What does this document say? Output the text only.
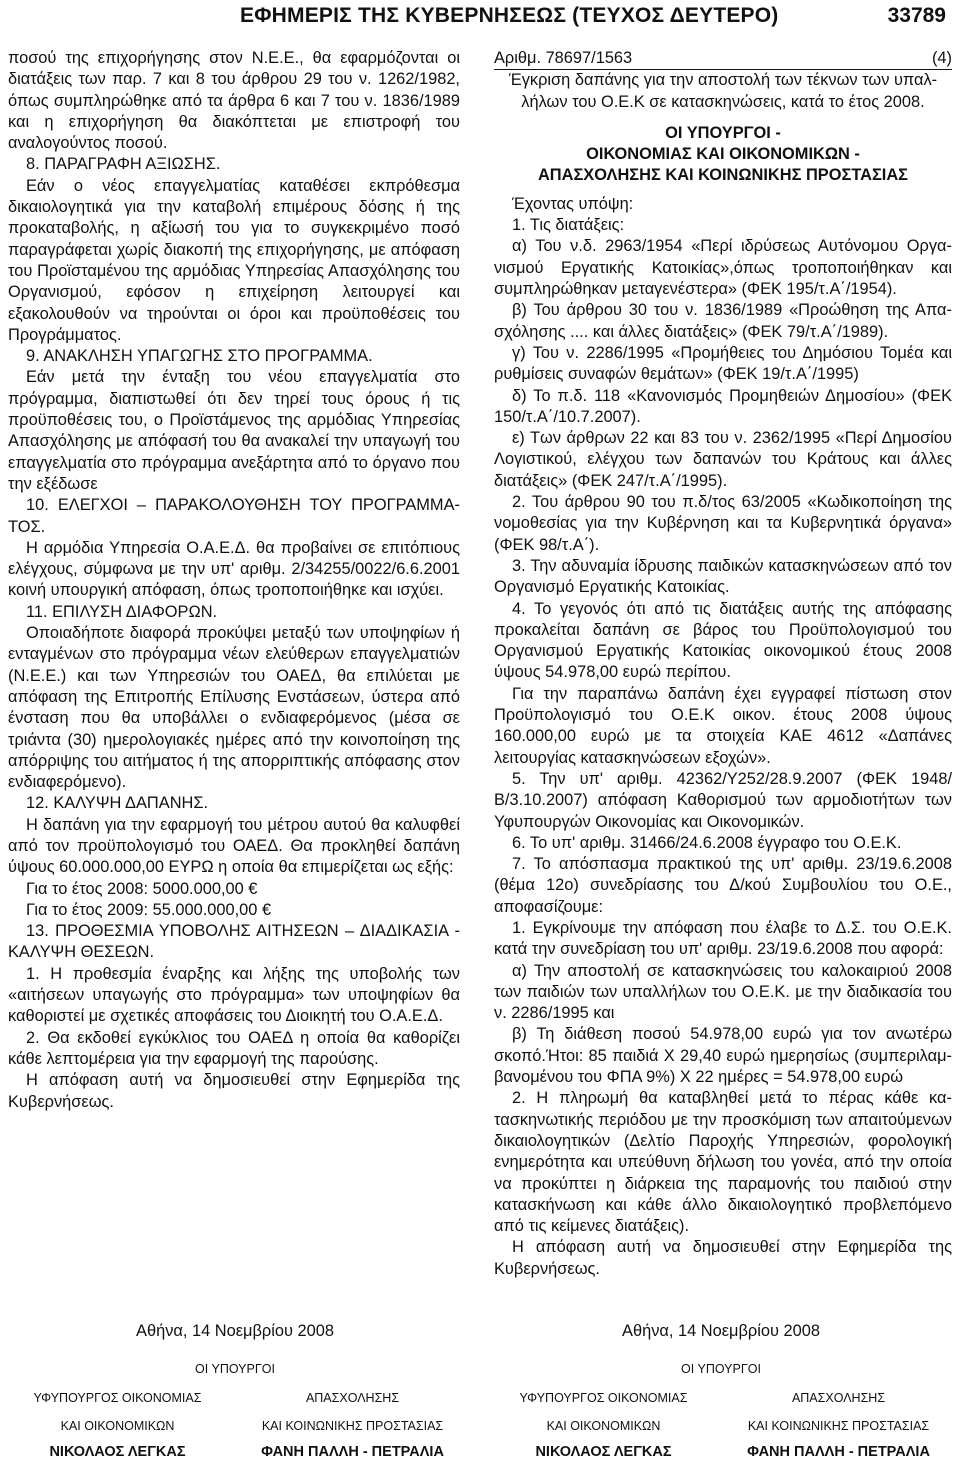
ΕΦΗΜΕΡΙΣ ΤΗΣ ΚΥΒΕΡΝΗΣΕΩΣ (ΤΕΥΧΟΣ ΔΕΥΤΕΡΟ)	33789

ποσού της επιχορήγησης στον Ν.Ε.Ε., θα εφαρμόζονται οι διατάξεις των παρ. 7 και 8 του άρθρου 29 του ν. 1262/1982, όπως συμπληρώθηκε από τα άρθρα 6 και 7 του ν. 1836/1989 και η επιχορήγηση θα διακόπτεται με επιστροφή του αναλογούντος ποσού.

8. ΠΑΡΑΓΡΑΦΗ ΑΞΙΩΣΗΣ.

Εάν ο νέος επαγγελματίας καταθέσει εκπρόθεσμα δικαιολογητικά για την καταβολή επιμέρους δόσης ή της προκαταβολής, η αξίωσή του για το συγκεκριμένο ποσό παραγράφεται χωρίς διακοπή της επιχορήγησης, με απόφαση του Προϊσταμένου της αρμόδιας Υπηρεσίας Απασχόλησης του Οργανισμού, εφόσον η επιχείρηση λειτουργεί και εξακολουθούν να τηρούνται οι όροι και προϋποθέσεις του Προγράμματος.

9. ΑΝΑΚΛΗΣΗ ΥΠΑΓΩΓΗΣ ΣΤΟ ΠΡΟΓΡΑΜΜΑ.

Εάν μετά την ένταξη του νέου επαγγελματία στο πρόγραμμα, διαπιστωθεί ότι δεν τηρεί τους όρους ή τις προϋποθέσεις του, ο Προϊστάμενος της αρμόδιας Υπηρεσίας Απασχόλησης με απόφασή του θα ανακαλεί την υπαγωγή του επαγγελματία στο πρόγραμμα ανεξάρτητα από το όργανο που την εξέδωσε

10. ΕΛΕΓΧΟΙ – ΠΑΡΑΚΟΛΟΥΘΗΣΗ ΤΟΥ ΠΡΟΓΡΑΜΜΑΤΟΣ.

Η αρμόδια Υπηρεσία Ο.Α.Ε.Δ. θα προβαίνει σε επιτόπιους ελέγχους, σύμφωνα με την υπ' αριθμ. 2/34255/0022/6.6.2001 κοινή υπουργική απόφαση, όπως τροποποιήθηκε και ισχύει.

11. ΕΠΙΛΥΣΗ ΔΙΑΦΟΡΩΝ.

Οποιαδήποτε διαφορά προκύψει μεταξύ των υποψηφίων ή ενταγμένων στο πρόγραμμα νέων ελεύθερων επαγγελματιών (Ν.Ε.Ε.) και των Υπηρεσιών του ΟΑΕΔ, θα επιλύεται με απόφαση της Επιτροπής Επίλυσης Ενστάσεων, ύστερα από ένσταση που θα υποβάλλει ο ενδιαφερόμενος (μέσα σε τριάντα (30) ημερολογιακές ημέρες από την κοινοποίηση της απόρριψης του αιτήματος ή της απορριπτικής απόφασης στον ενδιαφερόμενο).

12. ΚΑΛΥΨΗ ΔΑΠΑΝΗΣ.

Η δαπάνη για την εφαρμογή του μέτρου αυτού θα καλυφθεί από τον προϋπολογισμό του ΟΑΕΔ. Θα προκληθεί δαπάνη ύψους 60.000.000,00 ΕΥΡΩ η οποία θα επιμερίζεται ως εξής:

Για το έτος 2008: 5000.000,00 €

Για το έτος 2009: 55.000.000,00 €

13. ΠΡΟΘΕΣΜΙΑ ΥΠΟΒΟΛΗΣ ΑΙΤΗΣΕΩΝ – ΔΙΑΔΙΚΑΣΙΑ - ΚΑΛΥΨΗ ΘΕΣΕΩΝ.

1. Η προθεσμία έναρξης και λήξης της υποβολής των «αιτήσεων υπαγωγής στο πρόγραμμα» των υποψηφίων θα καθοριστεί με σχετικές αποφάσεις του Διοικητή του Ο.Α.Ε.Δ.

2. Θα εκδοθεί εγκύκλιος του ΟΑΕΔ η οποία θα καθορίζει κάθε λεπτομέρεια για την εφαρμογή της παρούσης.

Η απόφαση αυτή να δημοσιευθεί στην Εφημερίδα της Κυβερνήσεως.

Αριθμ. 78697/1563	(4)

Έγκριση δαπάνης για την αποστολή των τέκνων των υπαλλήλων του Ο.Ε.Κ σε κατασκηνώσεις, κατά το έτος 2008.

ΟΙ ΥΠΟΥΡΓΟΙ -
ΟΙΚΟΝΟΜΙΑΣ ΚΑΙ ΟΙΚΟΝΟΜΙΚΩΝ -
ΑΠΑΣΧΟΛΗΣΗΣ ΚΑΙ ΚΟΙΝΩΝΙΚΗΣ ΠΡΟΣΤΑΣΙΑΣ

Έχοντας υπόψη:

1. Τις διατάξεις:

α) Του ν.δ. 2963/1954 «Περί ιδρύσεως Αυτόνομου Οργανισμού Εργατικής Κατοικίας»,όπως τροποποιήθηκαν και συμπληρώθηκαν μεταγενέστερα» (ΦΕΚ 195/τ.Α΄/1954).

β) Του άρθρου 30 του ν. 1836/1989 «Προώθηση της Απασχόλησης .... και άλλες διατάξεις» (ΦΕΚ 79/τ.Α΄/1989).

γ) Του ν. 2286/1995 «Προμήθειες του Δημόσιου Τομέα και ρυθμίσεις συναφών θεμάτων» (ΦΕΚ 19/τ.Α΄/1995)

δ) Το π.δ. 118 «Κανονισμός Προμηθειών Δημοσίου» (ΦΕΚ 150/τ.Α΄/10.7.2007).

ε) Των άρθρων 22 και 83 του ν. 2362/1995 «Περί Δημοσίου Λογιστικού, ελέγχου των δαπανών του Κράτους και άλλες διατάξεις» (ΦΕΚ 247/τ.Α΄/1995).

2. Του άρθρου 90 του π.δ/τος 63/2005 «Κωδικοποίηση της νομοθεσίας για την Κυβέρνηση και τα Κυβερνητικά όργανα» (ΦΕΚ 98/τ.Α΄).

3. Την αδυναμία ίδρυσης παιδικών κατασκηνώσεων από τον Οργανισμό Εργατικής Κατοικίας.

4. Το γεγονός ότι από τις διατάξεις αυτής της απόφασης προκαλείται δαπάνη σε βάρος του Προϋπολογισμού του Οργανισμού Εργατικής Κατοικίας οικονομικού έτους 2008 ύψους 54.978,00 ευρώ περίπου.

Για την παραπάνω δαπάνη έχει εγγραφεί πίστωση στον Προϋπολογισμό του Ο.Ε.Κ οικον. έτους 2008 ύψους 160.000,00 ευρώ με τα στοιχεία ΚΑΕ 4612 «Δαπάνες λειτουργίας κατασκηνώσεων εξοχών».

5. Την υπ' αριθμ. 42362/Υ252/28.9.2007 (ΦΕΚ 1948/ Β/3.10.2007) απόφαση Καθορισμού των αρμοδιοτήτων των Υφυπουργών Οικονομίας και Οικονομικών.

6. Το υπ' αριθμ. 31466/24.6.2008 έγγραφο του Ο.Ε.Κ.

7. Το απόσπασμα πρακτικού της υπ' αριθμ. 23/19.6.2008 (θέμα 12ο) συνεδρίασης του Δ/κού Συμβουλίου του Ο.Ε., αποφασίζουμε:

1. Εγκρίνουμε την απόφαση που έλαβε το Δ.Σ. του Ο.Ε.Κ. κατά την συνεδρίαση του υπ' αριθμ. 23/19.6.2008 που αφορά:

α) Την αποστολή σε κατασκηνώσεις του καλοκαιριού 2008 των παιδιών των υπαλλήλων του Ο.Ε.Κ. με την διαδικασία του ν. 2286/1995 και

β) Τη διάθεση ποσού 54.978,00 ευρώ για τον ανωτέρω σκοπό.Ήτοι: 85 παιδιά Χ 29,40 ευρώ ημερησίως (συμπεριλαμβανομένου του ΦΠΑ 9%) Χ 22 ημέρες = 54.978,00 ευρώ

2. Η πληρωμή θα καταβληθεί μετά το πέρας κάθε κατασκηνωτικής περιόδου με την προσκόμιση των απαιτούμενων δικαιολογητικών (Δελτίο Παροχής Υπηρεσιών, φορολογική ενημερότητα και υπεύθυνη δήλωση του γονέα, από την οποία να προκύπτει η διάρκεια της παραμονής του παιδιού στην κατασκήνωση και κάθε άλλο δικαιολογητικό προβλεπόμενο από τις κείμενες διατάξεις).

Η απόφαση αυτή να δημοσιευθεί στην Εφημερίδα της Κυβερνήσεως.

Αθήνα, 14 Νοεμβρίου 2008
ΟΙ ΥΠΟΥΡΓΟΙ
ΥΦΥΠΟΥΡΓΟΣ ΟΙΚΟΝΟΜΙΑΣ
ΚΑΙ ΟΙΚΟΝΟΜΙΚΩΝ
ΝΙΚΟΛΑΟΣ ΛΕΓΚΑΣ
ΑΠΑΣΧΟΛΗΣΗΣ
ΚΑΙ ΚΟΙΝΩΝΙΚΗΣ ΠΡΟΣΤΑΣΙΑΣ
ΦΑΝΗ ΠΑΛΛΗ - ΠΕΤΡΑΛΙΑ
Αθήνα, 14 Νοεμβρίου 2008
ΟΙ ΥΠΟΥΡΓΟΙ
ΥΦΥΠΟΥΡΓΟΣ ΟΙΚΟΝΟΜΙΑΣ
ΚΑΙ ΟΙΚΟΝΟΜΙΚΩΝ
ΝΙΚΟΛΑΟΣ ΛΕΓΚΑΣ
ΑΠΑΣΧΟΛΗΣΗΣ
ΚΑΙ ΚΟΙΝΩΝΙΚΗΣ ΠΡΟΣΤΑΣΙΑΣ
ΦΑΝΗ ΠΑΛΛΗ - ΠΕΤΡΑΛΙΑ
